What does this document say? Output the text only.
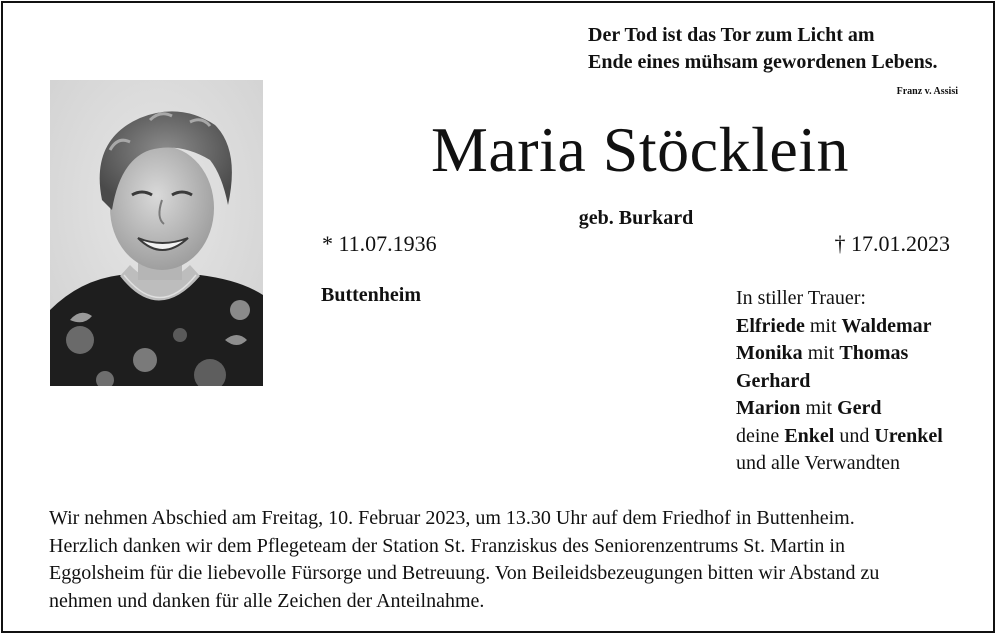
Der Tod ist das Tor zum Licht am
Ende eines mühsam gewordenen Lebens.
Franz v. Assisi
Maria Stöcklein
geb. Burkard
* 11.07.1936	† 17.01.2023
Buttenheim	In stiller Trauer:
Elfriede mit Waldemar
Monika mit Thomas
Gerhard
Marion mit Gerd
deine Enkel und Urenkel
und alle Verwandten
Wir nehmen Abschied am Freitag, 10. Februar 2023, um 13.30 Uhr auf dem Friedhof in Buttenheim.
Herzlich danken wir dem Pflegeteam der Station St. Franziskus des Seniorenzentrums St. Martin in
Eggolsheim für die liebevolle Fürsorge und Betreuung. Von Beileidsbezeugungen bitten wir Abstand zu
nehmen und danken für alle Zeichen der Anteilnahme.
